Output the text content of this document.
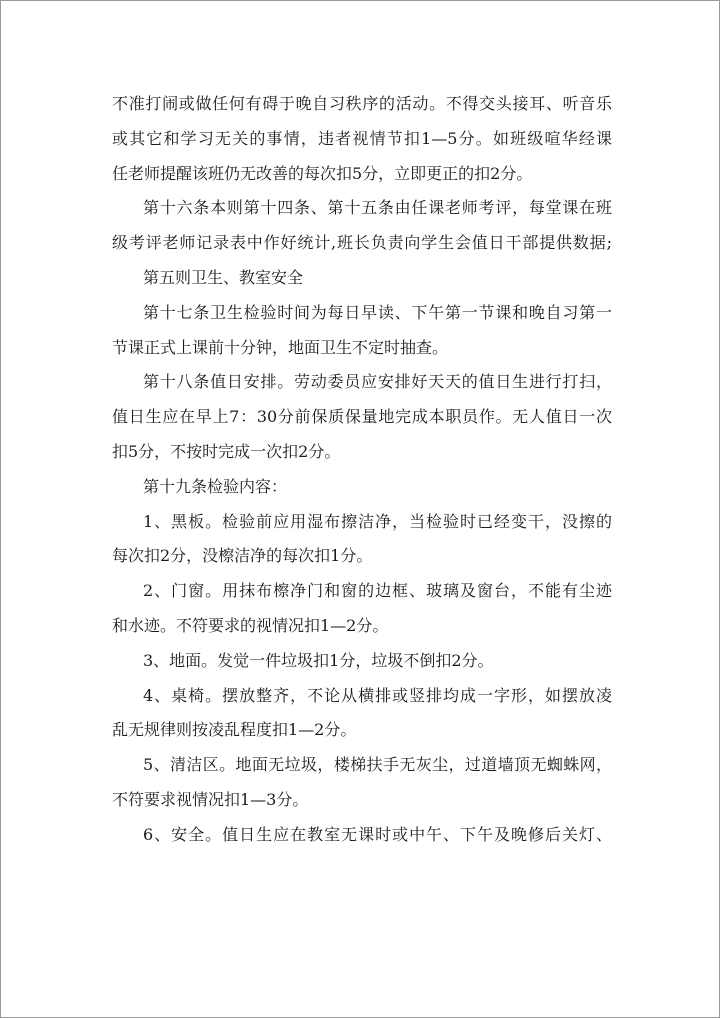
不准打闹或做任何有碍于晚自习秩序的活动。不得交头接耳、听音乐
或其它和学习无关的事情，违者视情节扣1—5分。如班级喧华经课
任老师提醒该班仍无改善的每次扣5分，立即更正的扣2分。
第十六条本则第十四条、第十五条由任课老师考评，每堂课在班
级考评老师记录表中作好统计,班长负责向学生会值日干部提供数据;
第五则卫生、教室安全
第十七条卫生检验时间为每日早读、下午第一节课和晚自习第一
节课正式上课前十分钟，地面卫生不定时抽查。
第十八条值日安排。劳动委员应安排好天天的值日生进行打扫，
值日生应在早上7：30分前保质保量地完成本职员作。无人值日一次
扣5分，不按时完成一次扣2分。
第十九条检验内容：
1、黑板。检验前应用湿布擦洁净，当检验时已经变干，没擦的
每次扣2分，没檫洁净的每次扣1分。
2、门窗。用抹布檫净门和窗的边框、玻璃及窗台，不能有尘迹
和水迹。不符要求的视情况扣1—2分。
3、地面。发觉一件垃圾扣1分，垃圾不倒扣2分。
4、桌椅。摆放整齐，不论从横排或竖排均成一字形，如摆放凌
乱无规律则按凌乱程度扣1—2分。
5、清洁区。地面无垃圾，楼梯扶手无灰尘，过道墙顶无蜘蛛网，
不符要求视情况扣1—3分。
6、安全。值日生应在教室无课时或中午、下午及晚修后关灯、
